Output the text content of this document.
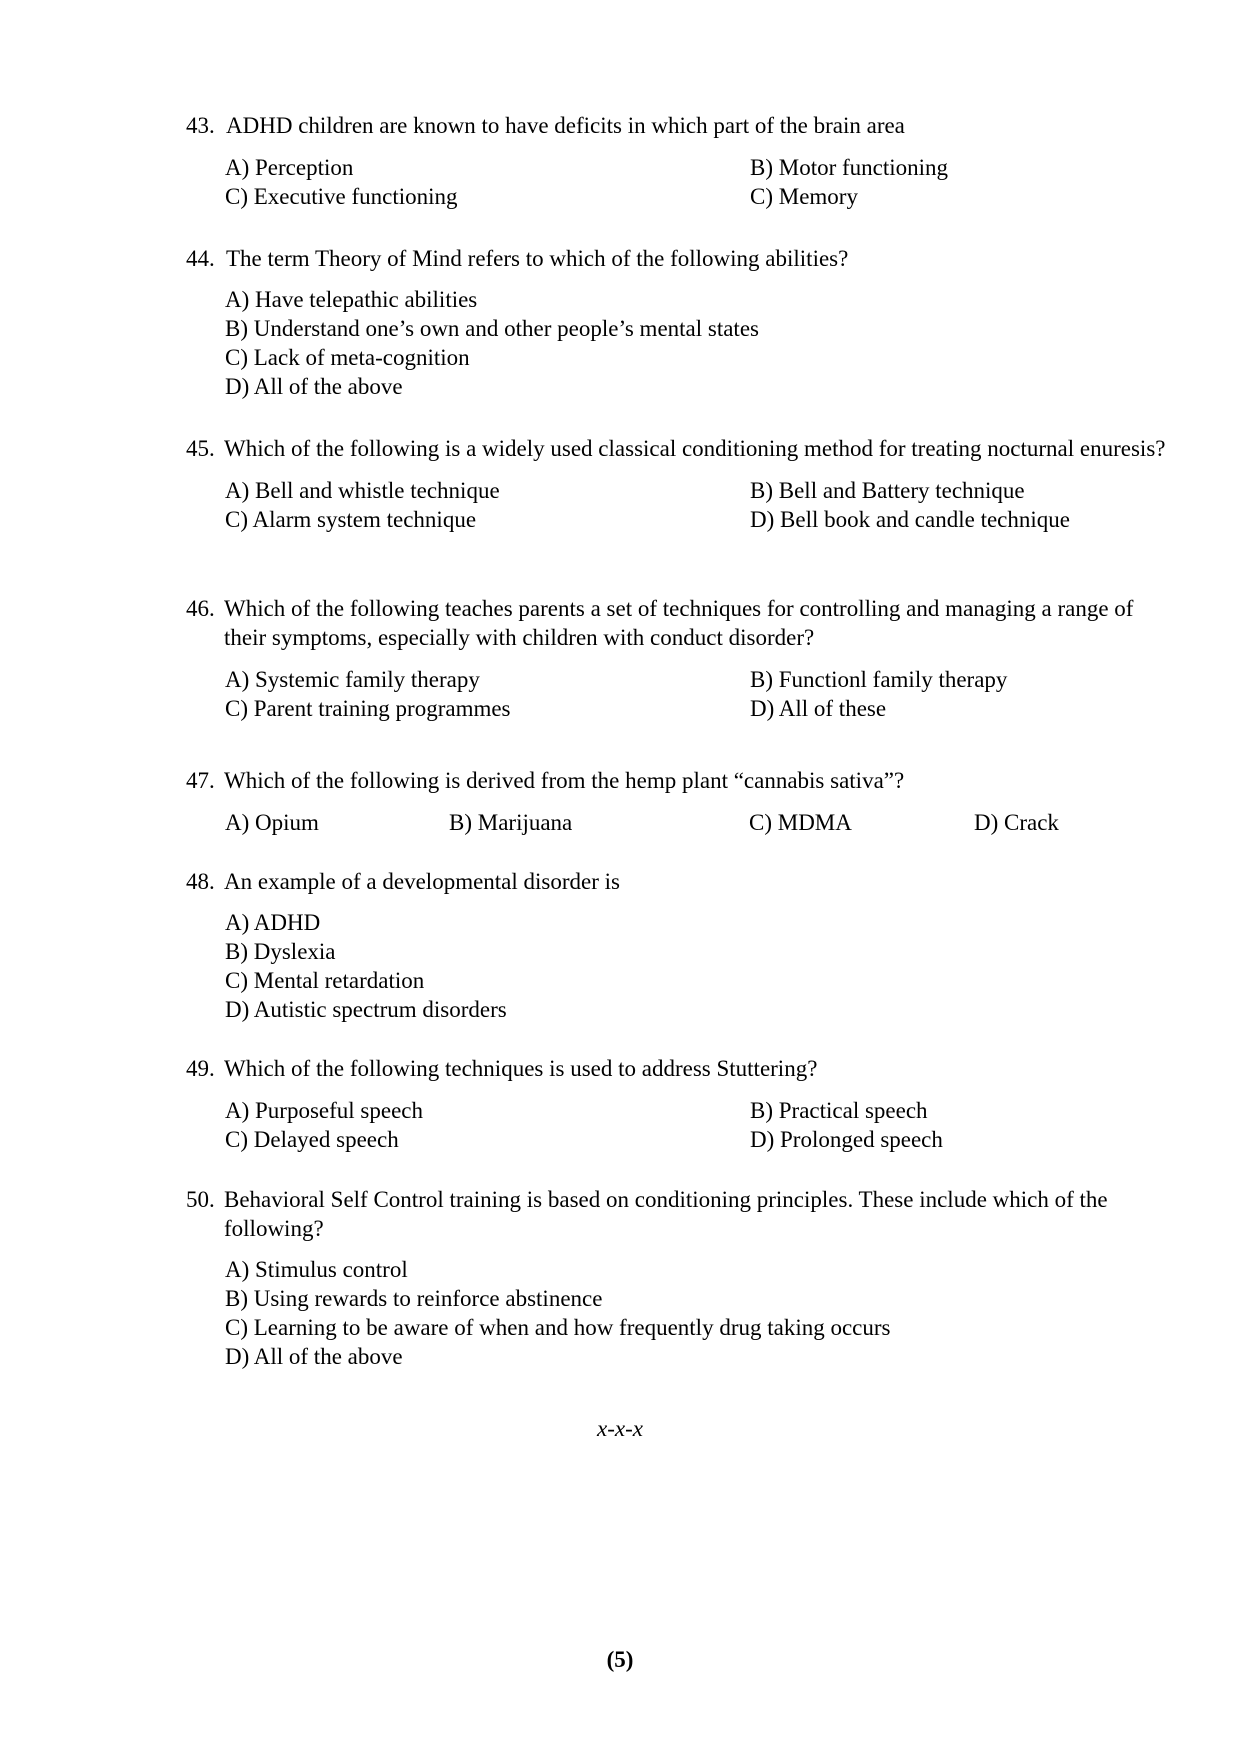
43. ADHD children are known to have deficits in which part of the brain area
A) Perception	B) Motor functioning
C) Executive functioning	C) Memory
44. The term Theory of Mind refers to which of the following abilities?
A) Have telepathic abilities
B) Understand one’s own and other people’s mental states
C) Lack of meta-cognition
D) All of the above
45. Which of the following is a widely used classical conditioning method for treating nocturnal enuresis?
A) Bell and whistle technique	B) Bell and Battery technique
C) Alarm system technique	D) Bell book and candle technique
46. Which of the following teaches parents a set of techniques for controlling and managing a range of their symptoms, especially with children with conduct disorder?
A) Systemic family therapy	B) Functionl family therapy
C) Parent training programmes	D) All of these
47. Which of the following is derived from the hemp plant “cannabis sativa”?
A) Opium	B) Marijuana	C) MDMA	D) Crack
48. An example of a developmental disorder is
A) ADHD
B) Dyslexia
C) Mental retardation
D) Autistic spectrum disorders
49. Which of the following techniques is used to address Stuttering?
A) Purposeful speech	B) Practical speech
C) Delayed speech	D) Prolonged speech
50. Behavioral Self Control training is based on conditioning principles. These include which of the following?
A) Stimulus control
B) Using rewards to reinforce abstinence
C) Learning to be aware of when and how frequently drug taking occurs
D) All of the above
x-x-x
(5)
